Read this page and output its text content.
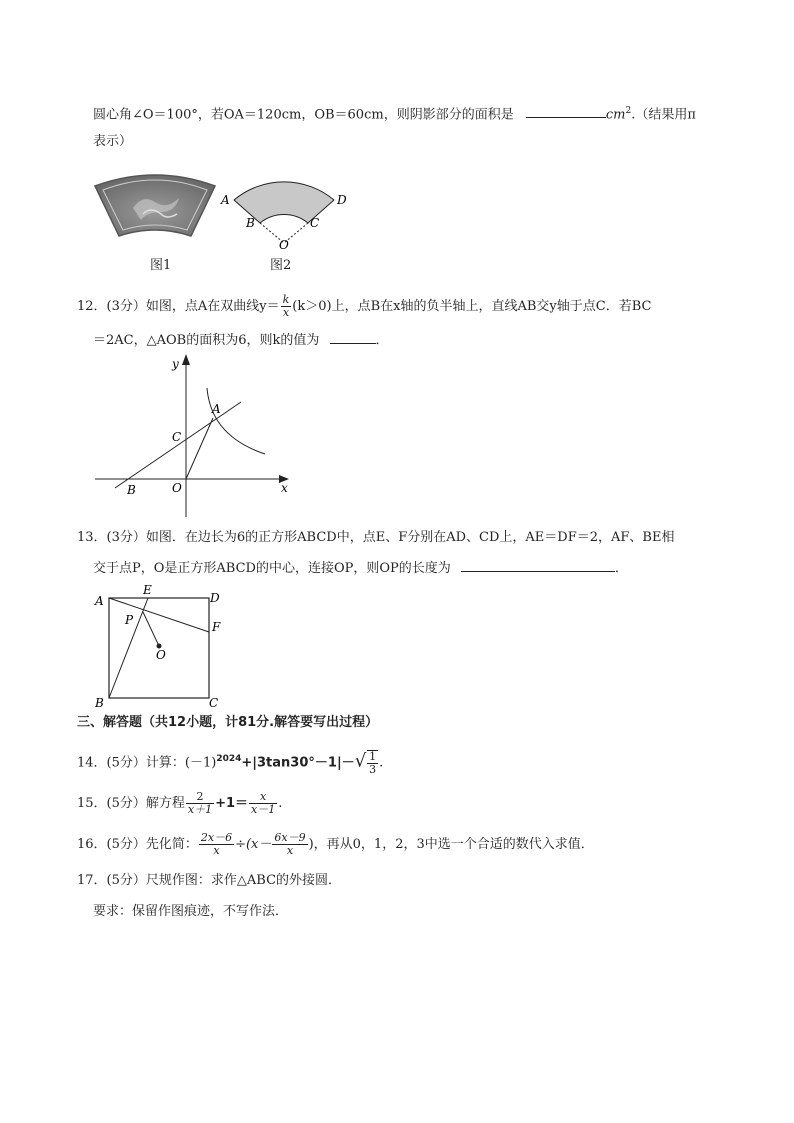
圆心角∠O＝100°，若OA＝120cm，OB＝60cm，则阴影部分的面积是	$cm^2$.（结果用π
表示）
图1
A	D
B	C
O
图2
12．(3分）如图，点A在双曲线$y= \frac{k}{x} (k>0)$上，点B在x轴的负半轴上，直线AB交y轴于点C．若BC
＝2AC，△AOB的面积为6，则k的值为	．
y
x
A
B
C
O
13．(3分）如图．在边长为6的正方形ABCD中，点E、F分别在AD、CD上，AE＝DF＝2，AF、BE相
交于点P，O是正方形ABCD的中心，连接OP，则OP的长度为	．
A
E
D
F
P
O
B	C
三、解答题（共12小题，计81分.解答要写出过程）
14．(5分）计算：$(-1)^{2024}+|3\tan 30^\circ-1|-√ \frac{1}{3}$ .
15．(5分）解方程 $\frac{2}{x+1} +1= \frac{x}{x-1}$ .
16．(5分）先化简： $\frac{2x-6}{x} \div(x- \frac{6x-9}{x}$ )，再从0，1，2，3中选一个合适的数代入求值．
17．(5分）尺规作图：求作△ABC的外接圆．
要求：保留作图痕迹，不写作法．
